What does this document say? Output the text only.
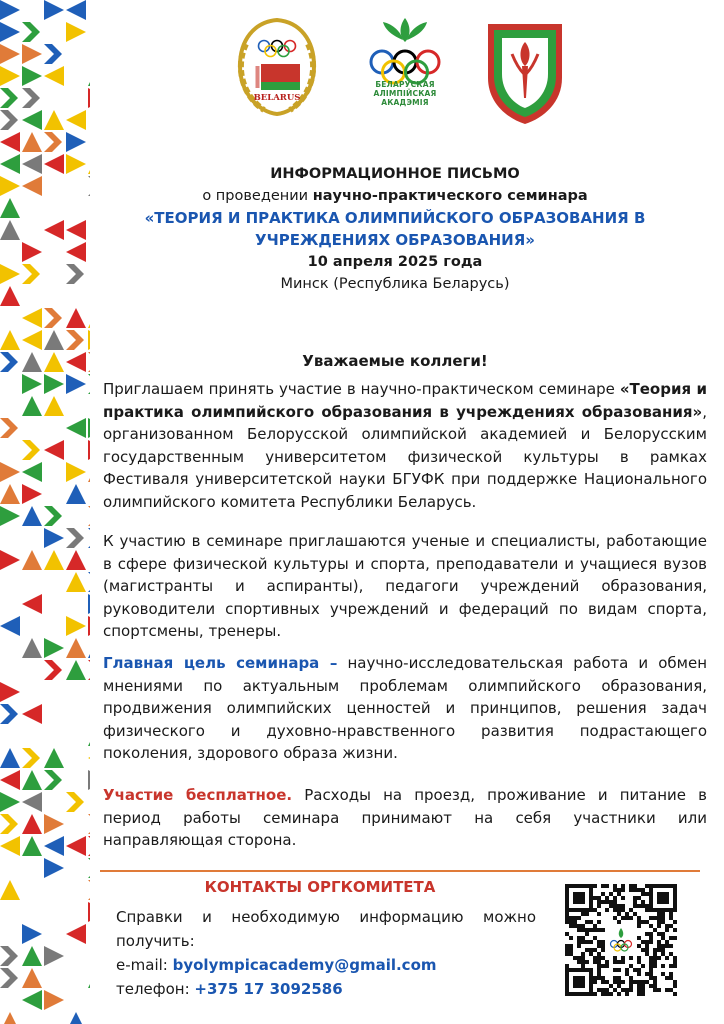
BELARUS
БЕЛАРУСКАЯ
АЛІМПІЙСКАЯ
АКАДЭМІЯ
ИНФОРМАЦИОННОЕ ПИСЬМО
о проведении научно-практического семинара
«ТЕОРИЯ И ПРАКТИКА ОЛИМПИЙСКОГО ОБРАЗОВАНИЯ В
УЧРЕЖДЕНИЯХ ОБРАЗОВАНИЯ»
10 апреля 2025 года
Минск (Республика Беларусь)
Уважаемые коллеги!

Приглашаем принять участие в научно-практическом семинаре «Теория и практика олимпийского образования в учреждениях образования», организованном Белорусской олимпийской академией и Белорусским государственным университетом физической культуры в рамках Фестиваля университетской науки БГУФК при поддержке Национального олимпийского комитета Республики Беларусь.

К участию в семинаре приглашаются ученые и специалисты, работающие в сфере физической культуры и спорта, преподаватели и учащиеся вузов (магистранты и аспиранты), педагоги учреждений образования, руководители спортивных учреждений и федераций по видам спорта, спортсмены, тренеры.

Главная цель семинара – научно-исследовательская работа и обмен мнениями по актуальным проблемам олимпийского образования, продвижения олимпийских ценностей и принципов, решения задач физического и духовно-нравственного развития подрастающего поколения, здорового образа жизни.

Участие бесплатное. Расходы на проезд, проживание и питание в период работы семинара принимают на себя участники или направляющая сторона.

КОНТАКТЫ ОРГКОМИТЕТА
Справки и необходимую информацию можно получить:
e-mail: byolympicacademy@gmail.com
телефон: +375 17 3092586
